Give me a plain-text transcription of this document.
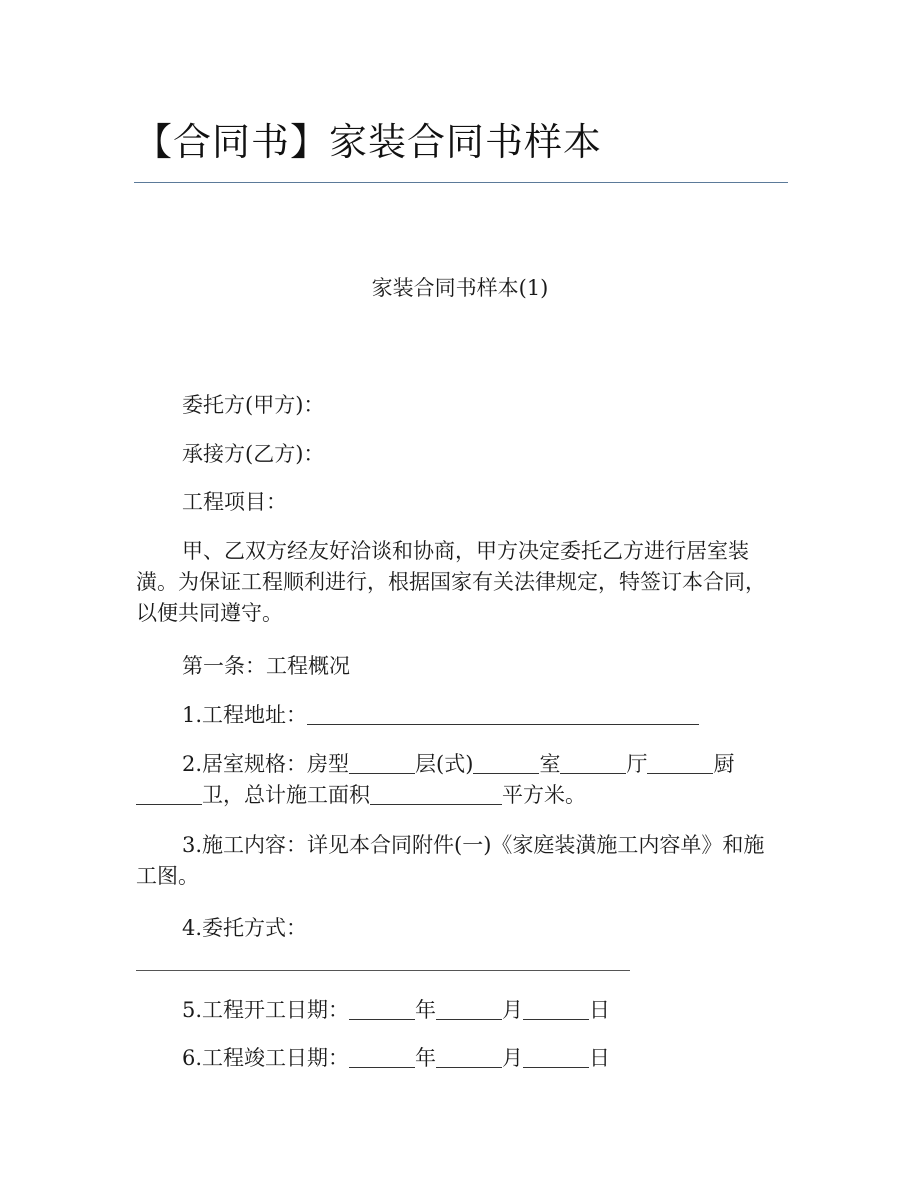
【合同书】家装合同书样本
家装合同书样本(1)

委托方(甲方)：

承接方(乙方)：

工程项目：

甲、乙双方经友好洽谈和协商，甲方决定委托乙方进行居室装潢。为保证工程顺利进行，根据国家有关法律规定，特签订本合同，以便共同遵守。

第一条：工程概况

1.工程地址：

2.居室规格：房型	层(式)	室	厅	厨
卫，总计施工面积	平方米。

3.施工内容：详见本合同附件(一)《家庭装潢施工内容单》和施工图。

4.委托方式：

5.工程开工日期：	年	月	日

6.工程竣工日期：	年	月	日
